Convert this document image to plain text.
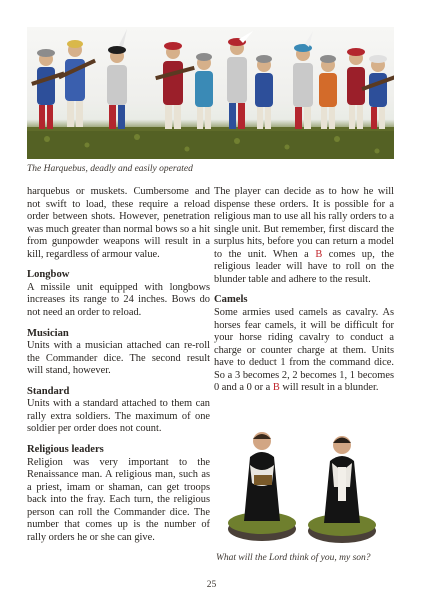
The Harquebus, deadly and easily operated

harquebus or muskets. Cumbersome and not swift to load, these require a reload order between shots. However, penetration was much greater than normal bows so a hit from gunpowder weapons will result in a kill, regardless of armour value.

Longbow

A missile unit equipped with longbows increases its range to 24 inches. Bows do not need an order to reload.

Musician

Units with a musician attached can re-roll the Commander dice. The second result will stand, however.

Standard

Units with a standard attached to them can rally extra soldiers. The maximum of one soldier per order does not count.

Religious leaders

Religion was very important to the Renaissance man. A religious man, such as a priest, imam or shaman, can get troops back into the fray. Each turn, the religious person can roll the Commander dice. The number that comes up is the number of rally orders he or she can give.

The player can decide as to how he will dispense these orders. It is possible for a religious man to use all his rally orders to a single unit. But remember, first discard the surplus hits, before you can return a model to the unit. When a B comes up, the religious leader will have to roll on the blunder table and adhere to the result.

Camels

Some armies used camels as cavalry. As horses fear camels, it will be difficult for your horse riding cavalry to conduct a charge or counter charge at them. Units have to deduct 1 from the command dice. So a 3 becomes 2, 2 becomes 1, 1 becomes 0 and a 0 or a B will result in a blunder.

What will the Lord think of you, my son?
25
